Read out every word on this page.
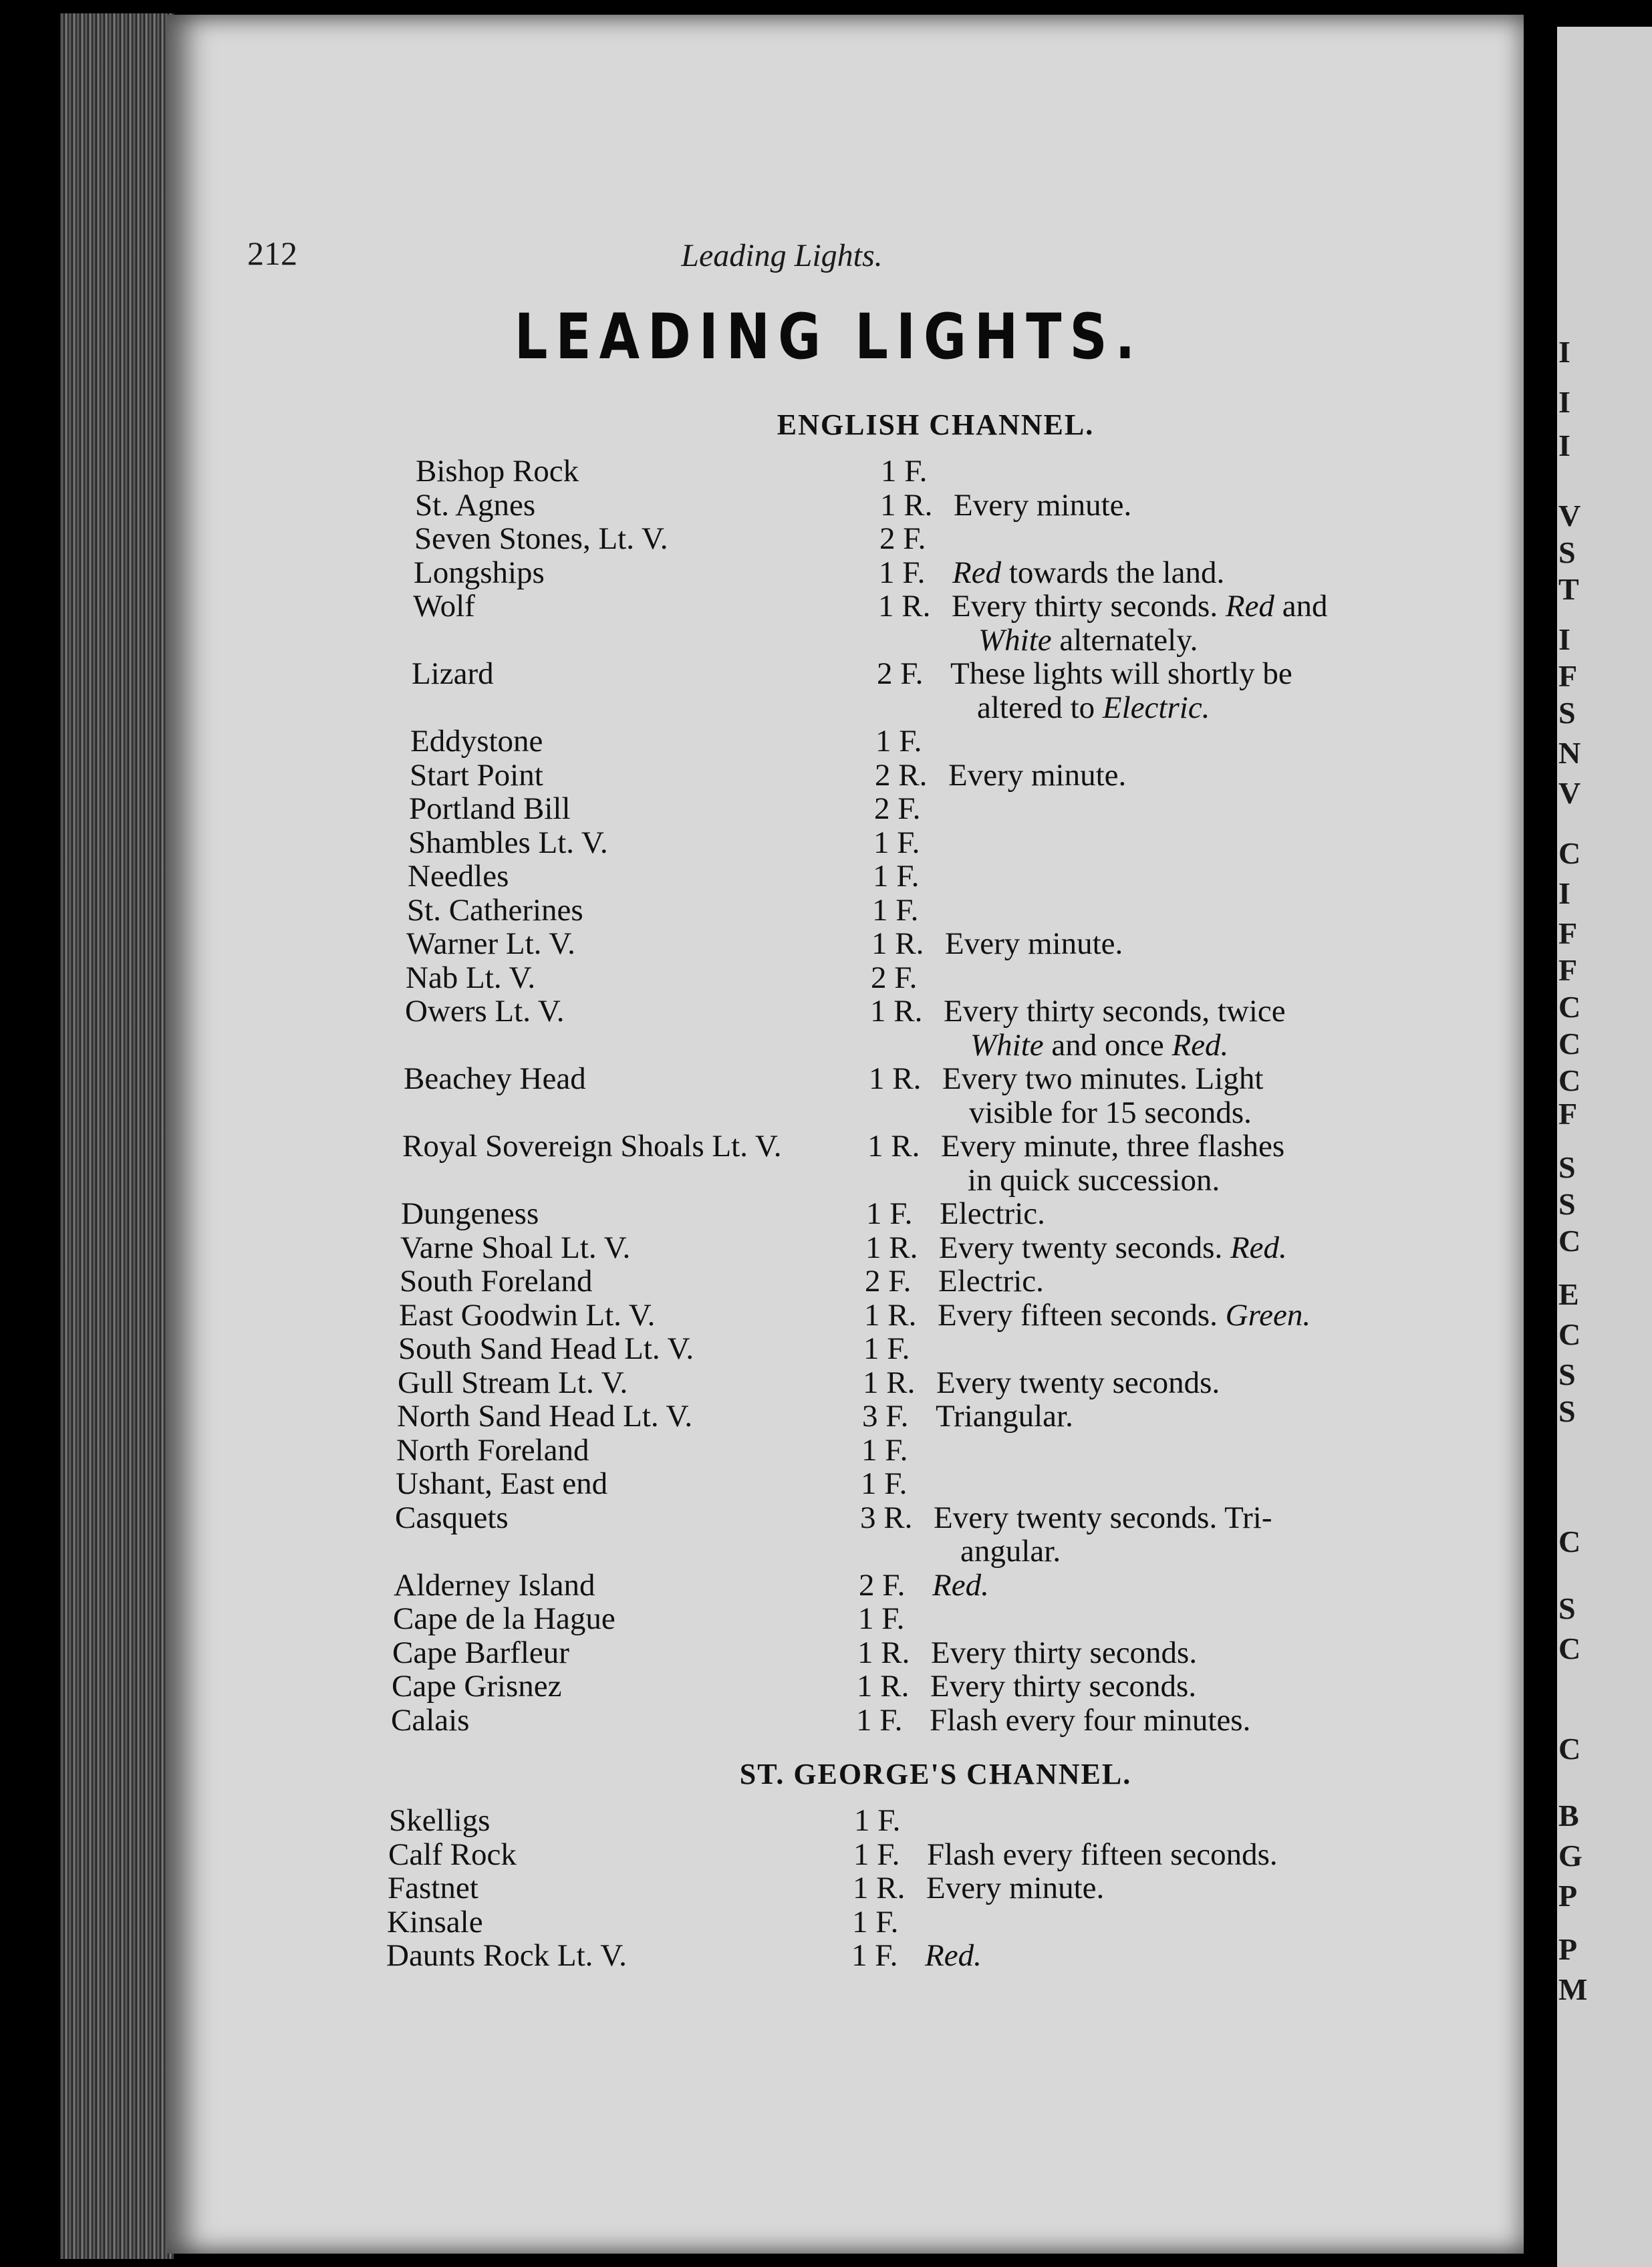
I
I
I
V
S
T
I
F
S
N
V
C
I
F
F
C
C
C
F
S
S
C
E
C
S
S
C
S
C
C
B
G
P
P
M
212	Leading Lights.
LEADING LIGHTS.
ENGLISH CHANNEL.
Bishop Rock	1 F.
St. Agnes	1 R. Every minute.
Seven Stones, Lt. V.	2 F.
Longships	1 F. Red towards the land.
Wolf	1 R. Every thirty seconds. Red and
White alternately.
Lizard	2 F. These lights will shortly be
altered to Electric.
Eddystone	1 F.
Start Point	2 R. Every minute.
Portland Bill	2 F.
Shambles Lt. V.	1 F.
Needles	1 F.
St. Catherines	1 F.
Warner Lt. V.	1 R. Every minute.
Nab Lt. V.	2 F.
Owers Lt. V.	1 R. Every thirty seconds, twice
White and once Red.
Beachey Head	1 R. Every two minutes. Light
visible for 15 seconds.
Royal Sovereign Shoals Lt. V.	1 R. Every minute, three flashes
in quick succession.
Dungeness	1 F. Electric.
Varne Shoal Lt. V.	1 R. Every twenty seconds. Red.
South Foreland	2 F. Electric.
East Goodwin Lt. V.	1 R. Every fifteen seconds. Green.
South Sand Head Lt. V.	1 F.
Gull Stream Lt. V.	1 R. Every twenty seconds.
North Sand Head Lt. V.	3 F. Triangular.
North Foreland	1 F.
Ushant, East end	1 F.
Casquets	3 R. Every twenty seconds. Tri-
angular.
Alderney Island	2 F. Red.
Cape de la Hague	1 F.
Cape Barfleur	1 R. Every thirty seconds.
Cape Grisnez	1 R. Every thirty seconds.
Calais	1 F. Flash every four minutes.
ST. GEORGE'S CHANNEL.
Skelligs	1 F.
Calf Rock	1 F. Flash every fifteen seconds.
Fastnet	1 R. Every minute.
Kinsale	1 F.
Daunts Rock Lt. V.	1 F. Red.
